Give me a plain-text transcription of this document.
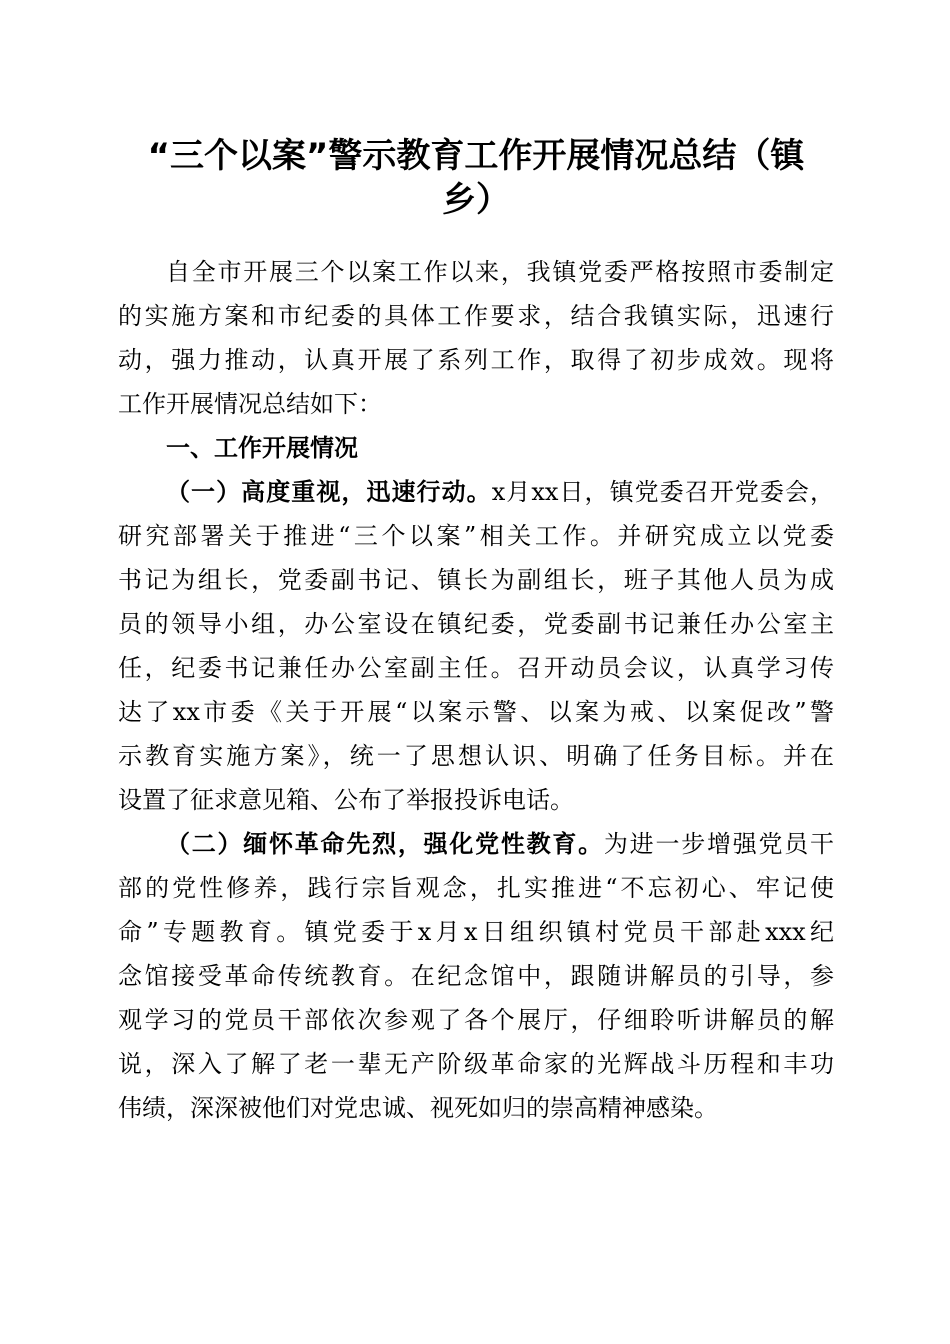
“三个以案”警示教育工作开展情况总结（镇
乡）
自全市开展三个以案工作以来，我镇党委严格按照市委制定
的实施方案和市纪委的具体工作要求，结合我镇实际，迅速行
动，强力推动，认真开展了系列工作，取得了初步成效。现将
工作开展情况总结如下：
一、工作开展情况
（一）高度重视，迅速行动。x月xx日，镇党委召开党委会，
研究部署关于推进“三个以案”相关工作。并研究成立以党委
书记为组长，党委副书记、镇长为副组长，班子其他人员为成
员的领导小组，办公室设在镇纪委，党委副书记兼任办公室主
任，纪委书记兼任办公室副主任。召开动员会议，认真学习传
达了xx市委《关于开展“以案示警、以案为戒、以案促改”警
示教育实施方案》，统一了思想认识、明确了任务目标。并在
设置了征求意见箱、公布了举报投诉电话。
（二）缅怀革命先烈，强化党性教育。为进一步增强党员干
部的党性修养，践行宗旨观念，扎实推进“不忘初心、牢记使
命”专题教育。镇党委于x月x日组织镇村党员干部赴xxx纪
念馆接受革命传统教育。在纪念馆中，跟随讲解员的引导，参
观学习的党员干部依次参观了各个展厅，仔细聆听讲解员的解
说，深入了解了老一辈无产阶级革命家的光辉战斗历程和丰功
伟绩，深深被他们对党忠诚、视死如归的崇高精神感染。
